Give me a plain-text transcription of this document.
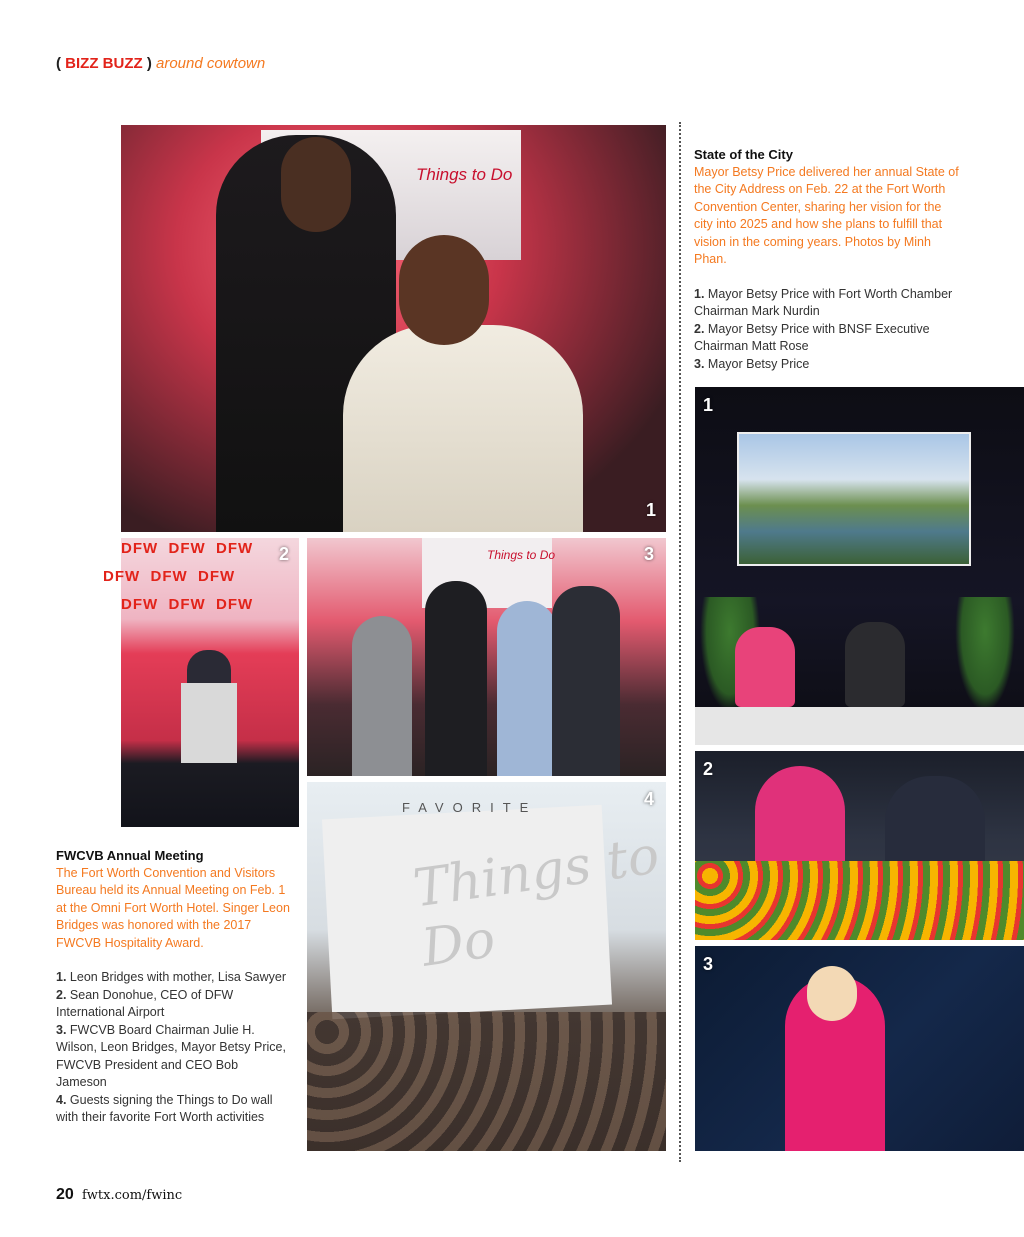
( BIZZ BUZZ ) around cowtown
Things to Do
1
DFW DFW DFW
DFW DFW DFW
DFW DFW DFW
2	Things to Do	3
FAVORITE
Things to Do
4
State of the City
Mayor Betsy Price delivered her annual State of the City Address on Feb. 22 at the Fort Worth Convention Center, sharing her vision for the city into 2025 and how she plans to fulfill that vision in the coming years. Photos by Minh Phan.
1. Mayor Betsy Price with Fort Worth Chamber Chairman Mark Nurdin
2. Mayor Betsy Price with BNSF Executive Chairman Matt Rose
3. Mayor Betsy Price
1
2
3
FWCVB Annual Meeting
The Fort Worth Convention and Visitors Bureau held its Annual Meeting on Feb. 1 at the Omni Fort Worth Hotel. Singer Leon Bridges was honored with the 2017 FWCVB Hospitality Award.
1. Leon Bridges with mother, Lisa Sawyer
2. Sean Donohue, CEO of DFW International Airport
3. FWCVB Board Chairman Julie H. Wilson, Leon Bridges, Mayor Betsy Price, FWCVB President and CEO Bob Jameson
4. Guests signing the Things to Do wall with their favorite Fort Worth activities
20 fwtx.com/fwinc
